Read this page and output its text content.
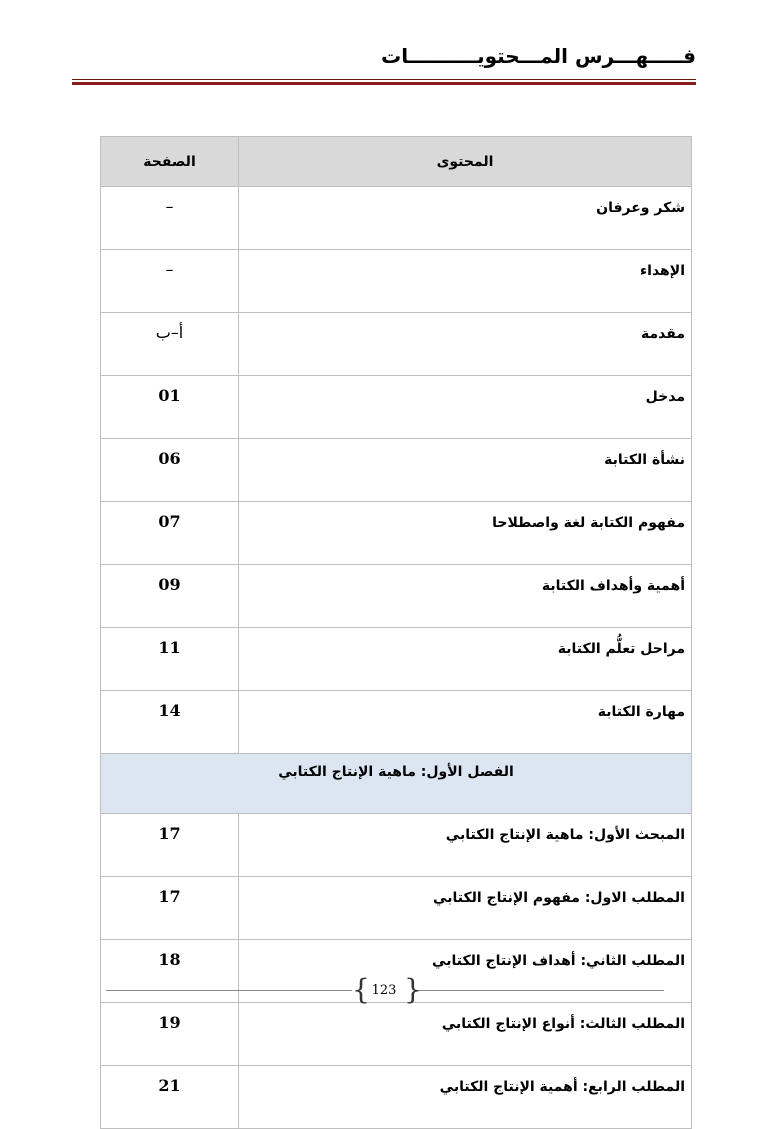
فـــــهـــرس المـــحتويــــــــــات
المحتوى	الصفحة
شكر وعرفان	–
الإهداء	–
مقدمة	أ–ب
مدخل	01
نشأة الكتابة	06
مفهوم الكتابة لغة واصطلاحا	07
أهمية وأهداف الكتابة	09
مراحل تعلُّم الكتابة	11
مهارة الكتابة	14
الفصل الأول: ماهية الإنتاج الكتابي	
المبحث الأول: ماهية الإنتاج الكتابي	17
المطلب الاول: مفهوم الإنتاج الكتابي	17
المطلب الثاني: أهداف الإنتاج الكتابي	18
المطلب الثالث: أنواع الإنتاج الكتابي	19
المطلب الرابع: أهمية الإنتاج الكتابي	21
{ 123 }
